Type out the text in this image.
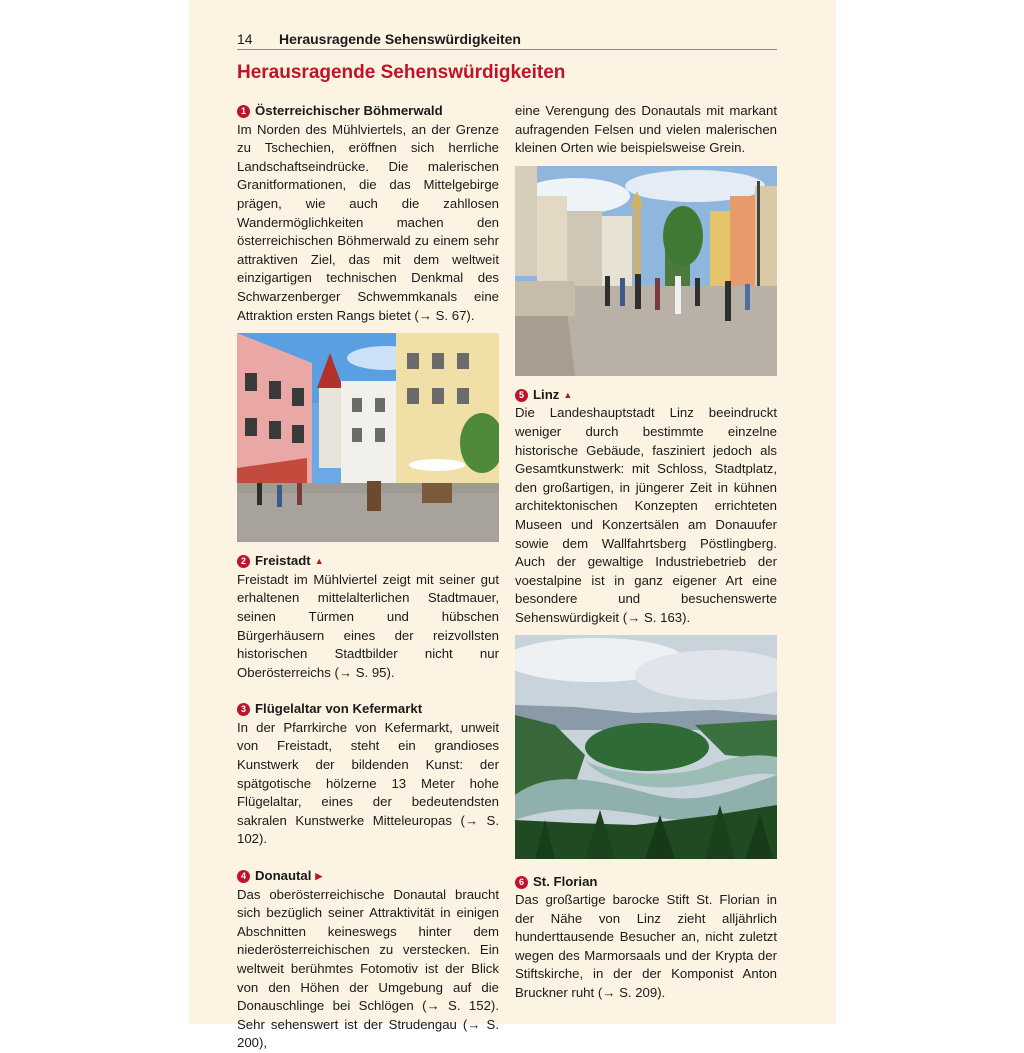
14 Herausragende Sehenswürdigkeiten
Herausragende Sehenswürdigkeiten

1 Österreichischer Böhmerwald

Im Norden des Mühlviertels, an der Grenze zu Tschechien, eröffnen sich herrliche Landschaftseindrücke. Die malerischen Granitformationen, die das Mittelgebirge prägen, wie auch die zahllosen Wandermöglichkeiten machen den österreichischen Böhmerwald zu einem sehr attraktiven Ziel, das mit dem weltweit einzigartigen technischen Denkmal des Schwarzenberger Schwemmkanals eine Attraktion ersten Rangs bietet (→ S. 67).

2 Freistadt ▲

Freistadt im Mühlviertel zeigt mit seiner gut erhaltenen mittelalterlichen Stadtmauer, seinen Türmen und hübschen Bürgerhäusern eines der reizvollsten historischen Stadtbilder nicht nur Oberösterreichs (→ S. 95).

3 Flügelaltar von Kefermarkt

In der Pfarrkirche von Kefermarkt, unweit von Freistadt, steht ein grandioses Kunstwerk der bildenden Kunst: der spätgotische hölzerne 13 Meter hohe Flügelaltar, eines der bedeutendsten sakralen Kunstwerke Mitteleuropas (→ S. 102).

4 Donautal ▶

Das oberösterreichische Donautal braucht sich bezüglich seiner Attraktivität in einigen Abschnitten keineswegs hinter dem niederösterreichischen zu verstecken. Ein weltweit berühmtes Fotomotiv ist der Blick von den Höhen der Umgebung auf die Donauschlinge bei Schlögen (→ S. 152). Sehr sehenswert ist der Strudengau (→ S. 200),

eine Verengung des Donautals mit markant aufragenden Felsen und vielen malerischen kleinen Orten wie beispielsweise Grein.

5 Linz ▲

Die Landeshauptstadt Linz beeindruckt weniger durch bestimmte einzelne historische Gebäude, fasziniert jedoch als Gesamtkunstwerk: mit Schloss, Stadtplatz, den großartigen, in jüngerer Zeit in kühnen architektonischen Konzepten errichteten Museen und Konzertsälen am Donauufer sowie dem Wallfahrtsberg Pöstlingberg. Auch der gewaltige Industriebetrieb der voestalpine ist in ganz eigener Art eine besondere und besuchenswerte Sehenswürdigkeit (→ S. 163).

6 St. Florian

Das großartige barocke Stift St. Florian in der Nähe von Linz zieht alljährlich hunderttausende Besucher an, nicht zuletzt wegen des Marmorsaals und der Krypta der Stiftskirche, in der der Komponist Anton Bruckner ruht (→ S. 209).
